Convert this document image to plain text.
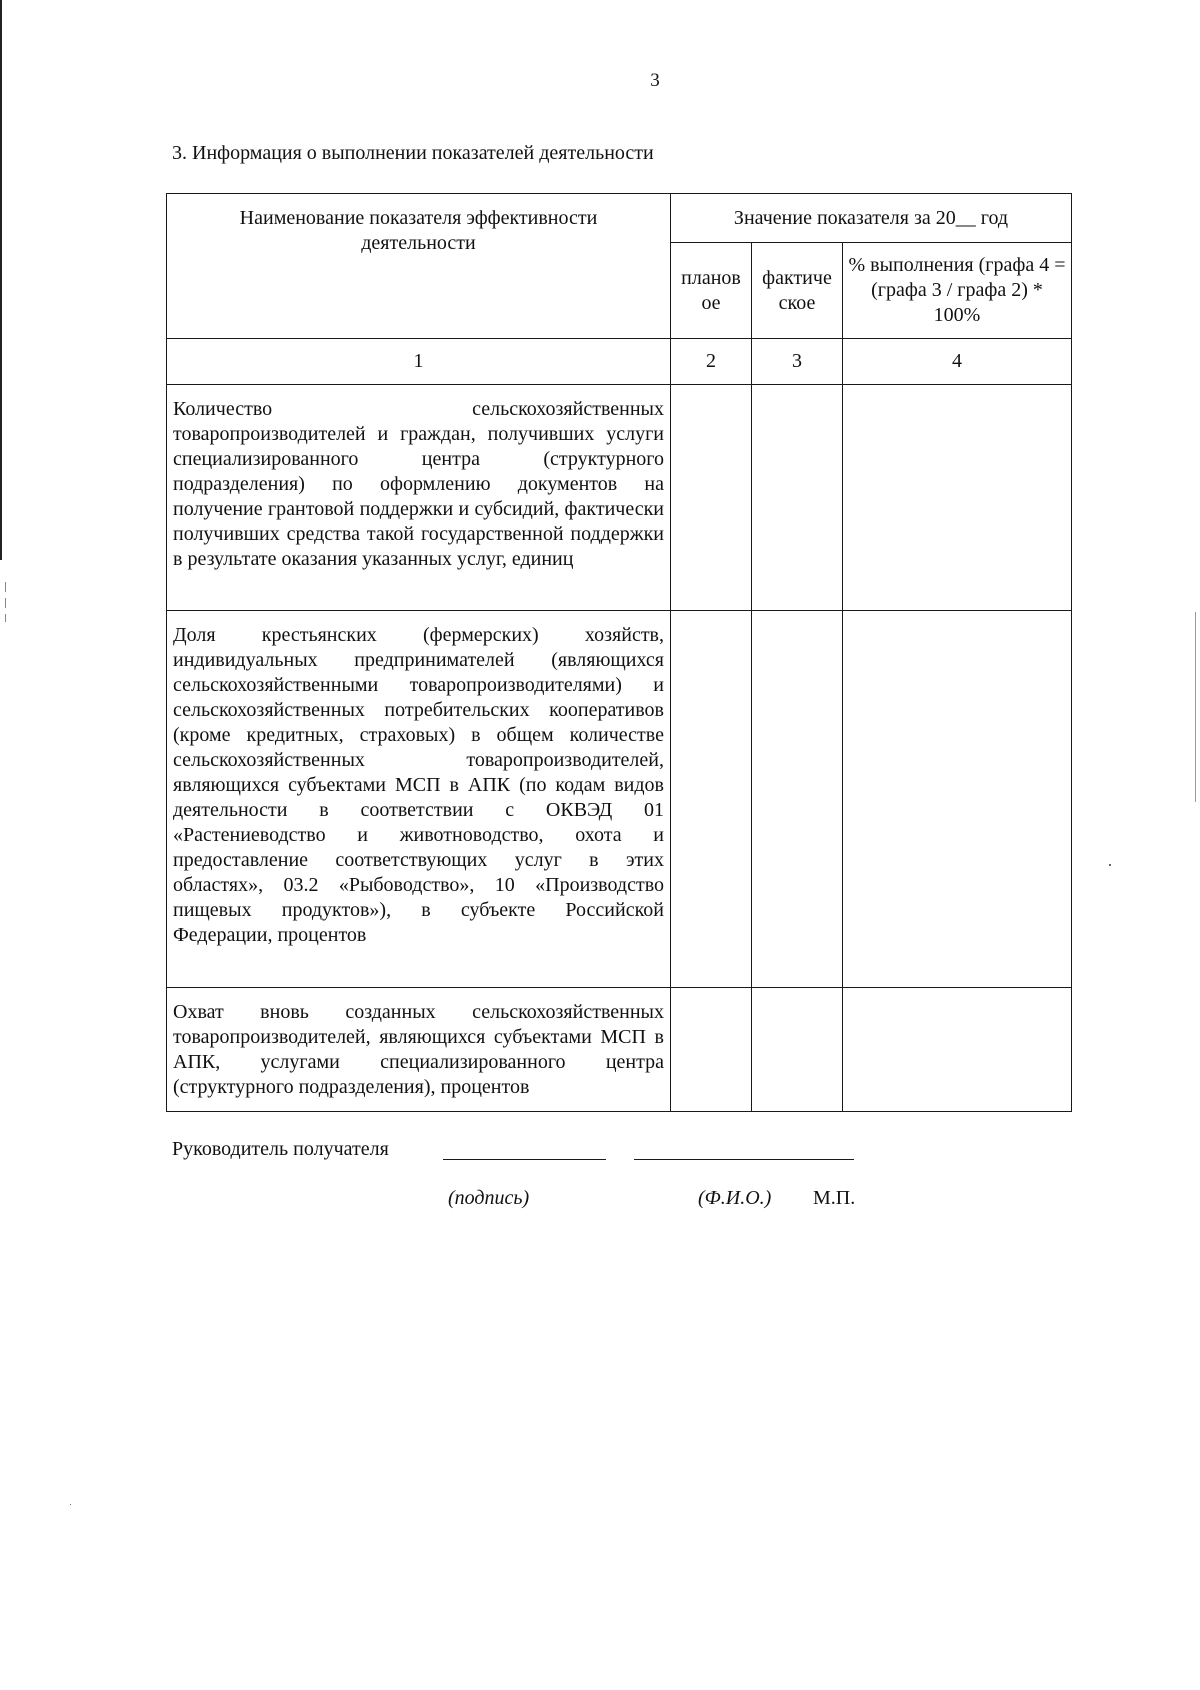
3
3. Информация о выполнении показателей деятельности
Наименование показателя эффективности деятельности	Значение показателя за 20__ год		
	планов ое	фактиче ское	% выполнения (графа 4 = (графа 3 / графа 2) * 100%
1	2	3	4
Количество сельскохозяйственных товаропроизводителей и граждан, получивших услуги специализированного центра (структурного подразделения) по оформлению документов на получение грантовой поддержки и субсидий, фактически получивших средства такой государственной поддержки в результате оказания указанных услуг, единиц			
Доля крестьянских (фермерских) хозяйств, индивидуальных предпринимателей (являющихся сельскохозяйственными товаропроизводителями) и сельскохозяйственных потребительских кооперативов (кроме кредитных, страховых) в общем количестве сельскохозяйственных товаропроизводителей, являющихся субъектами МСП в АПК (по кодам видов деятельности в соответствии с ОКВЭД 01 «Растениеводство и животноводство, охота и предоставление соответствующих услуг в этих областях», 03.2 «Рыбоводство», 10 «Производство пищевых продуктов»), в субъекте Российской Федерации, процентов			
Охват вновь созданных сельскохозяйственных товаропроизводителей, являющихся субъектами МСП в АПК, услугами специализированного центра (структурного подразделения), процентов			
Руководитель получателя
(подпись)	(Ф.И.О.) М.П.
